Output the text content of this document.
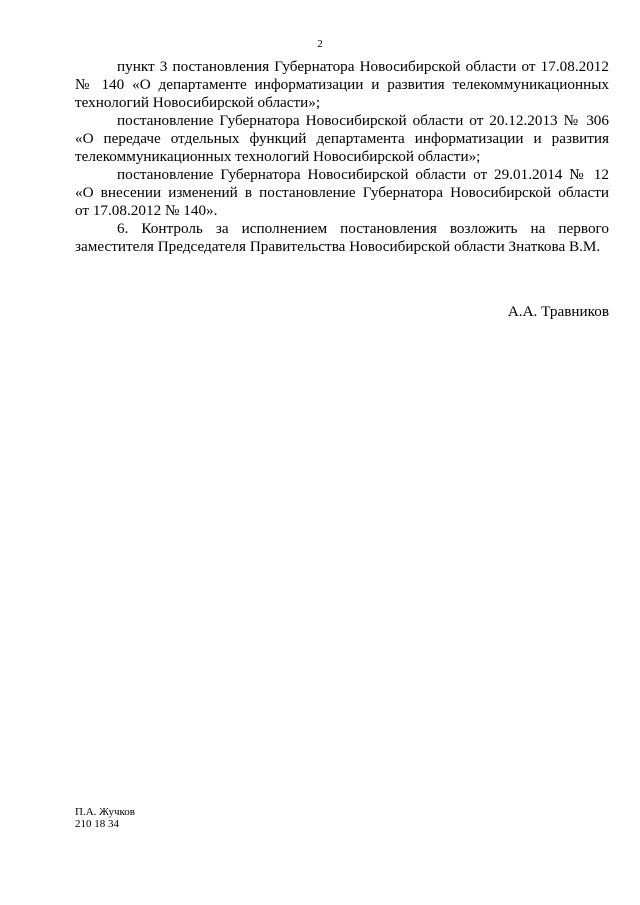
2
пункт 3 постановления Губернатора Новосибирской области от 17.08.2012
№ 140 «О департаменте информатизации и развития телекоммуникационных
технологий Новосибирской области»;
постановление Губернатора Новосибирской области от 20.12.2013 № 306
«О передаче отдельных функций департамента информатизации и развития
телекоммуникационных технологий Новосибирской области»;
постановление Губернатора Новосибирской области от 29.01.2014 № 12
«О внесении изменений в постановление Губернатора Новосибирской области
от 17.08.2012 № 140».
6. Контроль за исполнением постановления возложить на первого
заместителя Председателя Правительства Новосибирской области Знаткова В.М.
А.А. Травников
П.А. Жучков
210 18 34
